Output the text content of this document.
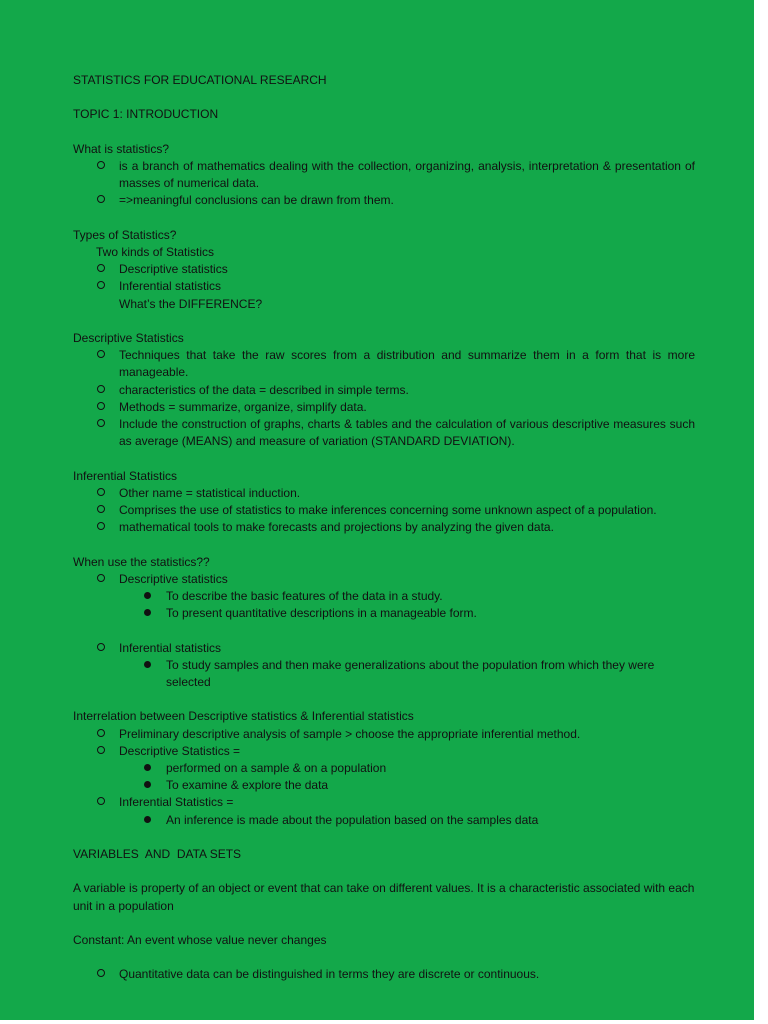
STATISTICS FOR EDUCATIONAL RESEARCH

TOPIC 1: INTRODUCTION

What is statistics?

is a branch of mathematics dealing with the collection, organizing, analysis, interpretation & presentation of masses of numerical data.
=>meaningful conclusions can be drawn from them.

Types of Statistics?

Two kinds of Statistics

Descriptive statistics
Inferential statistics

What’s the DIFFERENCE?

Descriptive Statistics

Techniques that take the raw scores from a distribution and summarize them in a form that is more manageable.
characteristics of the data = described in simple terms.
Methods = summarize, organize, simplify data.
Include the construction of graphs, charts & tables and the calculation of various descriptive measures such as average (MEANS) and measure of variation (STANDARD DEVIATION).

Inferential Statistics

Other name = statistical induction.
Comprises the use of statistics to make inferences concerning some unknown aspect of a population.
mathematical tools to make forecasts and projections by analyzing the given data.

When use the statistics??

Descriptive statistics
To describe the basic features of the data in a study.
To present quantitative descriptions in a manageable form.
Inferential statistics
To study samples and then make generalizations about the population from which they were selected

Interrelation between Descriptive statistics & Inferential statistics

Preliminary descriptive analysis of sample > choose the appropriate inferential method.
Descriptive Statistics =
performed on a sample & on a population
To examine & explore the data
Inferential Statistics =
An inference is made about the population based on the samples data

VARIABLES  AND  DATA SETS

A variable is property of an object or event that can take on different values. It is a characteristic associated with each unit in a population

Constant: An event whose value never changes

Quantitative data can be distinguished in terms they are discrete or continuous.
